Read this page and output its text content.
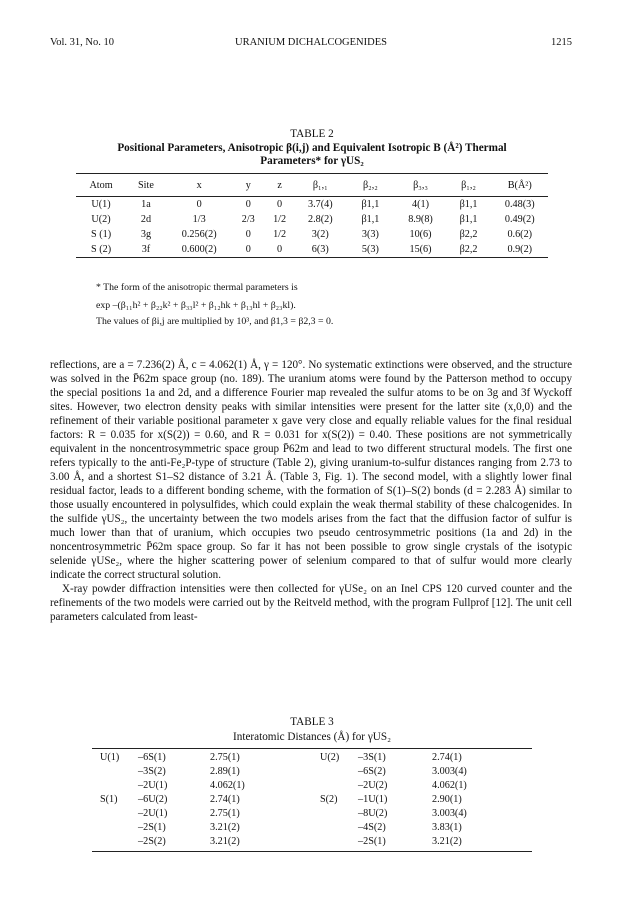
Vol. 31, No. 10	URANIUM DICHALCOGENIDES	1215
TABLE 2
Positional Parameters, Anisotropic β(i,j) and Equivalent Isotropic B (Å²) Thermal
Parameters* for γUS₂
Atom	Site	x	y	z	β₁,₁	β₂,₂	β₃,₃	β₁,₂	B(Å²)
U(1)	1a	0	0	0	3.7(4)	β1,1	4(1)	β1,1	0.48(3)
U(2)	2d	1/3	2/3	1/2	2.8(2)	β1,1	8.9(8)	β1,1	0.49(2)
S (1)	3g	0.256(2)	0	1/2	3(2)	3(3)	10(6)	β2,2	0.6(2)
S (2)	3f	0.600(2)	0	0	6(3)	5(3)	15(6)	β2,2	0.9(2)
* The form of the anisotropic thermal parameters is
exp –(β₁₁h² + β₂₂k² + β₃₃l² + β₁₂hk + β₁₃hl + β₂₃kl).
The values of βi,j are multiplied by 10³, and β1,3 = β2,3 = 0.

reflections, are a = 7.236(2) Å, c = 4.062(1) Å, γ = 120°. No systematic extinctions were observed, and the structure was solved in the P̄62m space group (no. 189). The uranium atoms were found by the Patterson method to occupy the special positions 1a and 2d, and a difference Fourier map revealed the sulfur atoms to be on 3g and 3f Wyckoff sites. However, two electron density peaks with similar intensities were present for the latter site (x,0,0) and the refinement of their variable positional parameter x gave very close and equally reliable values for the final residual factors: R = 0.035 for x(S(2)) = 0.60, and R = 0.031 for x(S(2)) = 0.40. These positions are not symmetrically equivalent in the noncentrosymmetric space group P̄62m and lead to two different structural models. The first one refers typically to the anti-Fe₂P-type of structure (Table 2), giving uranium-to-sulfur distances ranging from 2.73 to 3.00 Å, and a shortest S1–S2 distance of 3.21 Å. (Table 3, Fig. 1). The second model, with a slightly lower final residual factor, leads to a different bonding scheme, with the formation of S(1)–S(2) bonds (d = 2.283 Å) similar to those usually encountered in polysulfides, which could explain the weak thermal stability of these chalcogenides. In the sulfide γUS₂, the uncertainty between the two models arises from the fact that the diffusion factor of sulfur is much lower than that of uranium, which occupies two pseudo centrosymmetric positions (1a and 2d) in the noncentrosymmetric P̄62m space group. So far it has not been possible to grow single crystals of the isotypic selenide γUSe₂, where the higher scattering power of selenium compared to that of sulfur would more clearly indicate the correct structural solution.

X-ray powder diffraction intensities were then collected for γUSe₂ on an Inel CPS 120 curved counter and the refinements of the two models were carried out by the Reitveld method, with the program Fullprof [12]. The unit cell parameters calculated from least-

TABLE 3
Interatomic Distances (Å) for γUS₂
U(1) –6S(1)	2.75(1)	U(2) –3S(1)	2.74(1)
–3S(2)	2.89(1)	–6S(2)	3.003(4)
–2U(1)	4.062(1)	–2U(2)	4.062(1)
S(1) –6U(2)	2.74(1)	S(2) –1U(1)	2.90(1)
–2U(1)	2.75(1)	–8U(2)	3.003(4)
–2S(1)	3.21(2)	–4S(2)	3.83(1)
–2S(2)	3.21(2)	–2S(1)	3.21(2)
